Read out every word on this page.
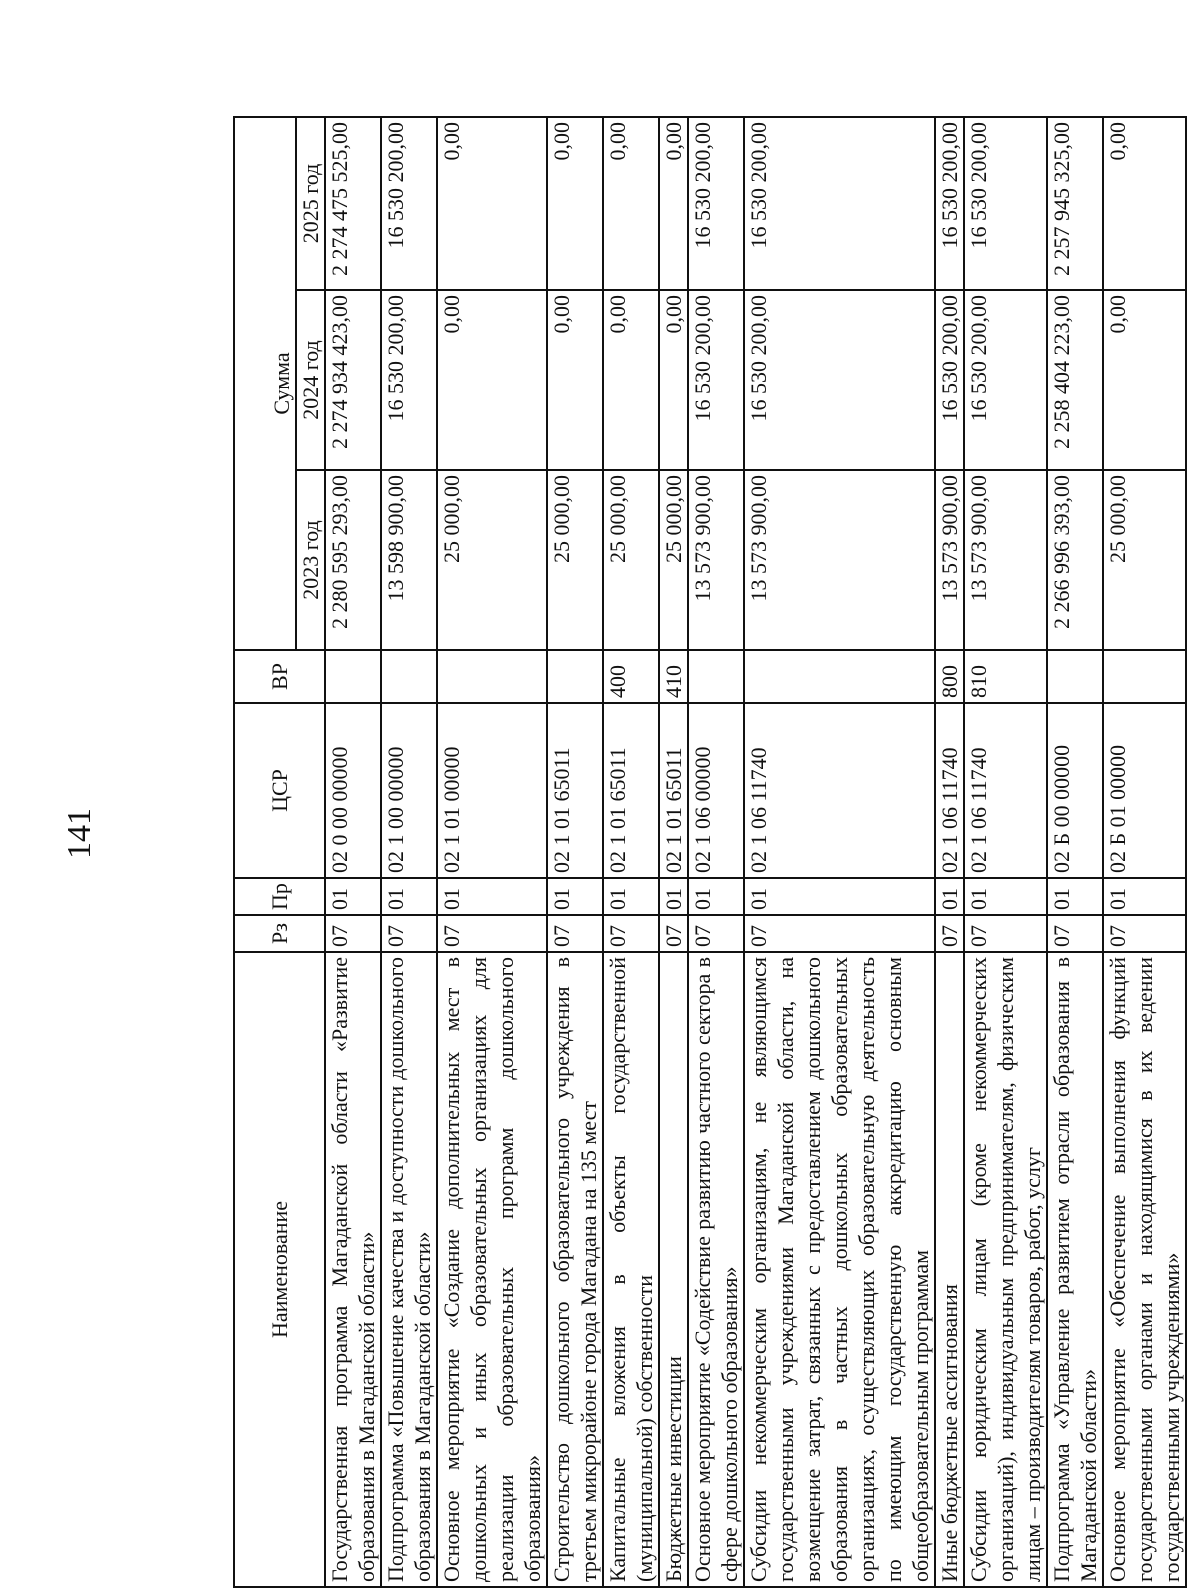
141
Наименование	Рз	Пр	ЦСР	ВР	Сумма		
					2023 год	2024 год	2025 год
Государственная программа Магаданской области «Развитие образования в Магаданской области»	07	01	02 0 00 00000		2 280 595 293,00	2 274 934 423,00	2 274 475 525,00
Подпрограмма «Повышение качества и доступности дошкольного образования в Магаданской области»	07	01	02 1 00 00000		13 598 900,00	16 530 200,00	16 530 200,00
Основное мероприятие «Создание дополнительных мест в дошкольных и иных образовательных организациях для реализации образовательных программ дошкольного образования»	07	01	02 1 01 00000		25 000,00	0,00	0,00
Строительство дошкольного образовательного учреждения в третьем микрорайоне города Магадана на 135 мест	07	01	02 1 01 65011		25 000,00	0,00	0,00
Капитальные вложения в объекты государственной (муниципальной) собственности	07	01	02 1 01 65011	400	25 000,00	0,00	0,00
Бюджетные инвестиции	07	01	02 1 01 65011	410	25 000,00	0,00	0,00
Основное мероприятие «Содействие развитию частного сектора в сфере дошкольного образования»	07	01	02 1 06 00000		13 573 900,00	16 530 200,00	16 530 200,00
Субсидии некоммерческим организациям, не являющимся государственными учреждениями Магаданской области, на возмещение затрат, связанных с предоставлением дошкольного образования в частных дошкольных образовательных организациях, осуществляющих образовательную деятельность по имеющим государственную аккредитацию основным общеобразовательным программам	07	01	02 1 06 11740		13 573 900,00	16 530 200,00	16 530 200,00
Иные бюджетные ассигнования	07	01	02 1 06 11740	800	13 573 900,00	16 530 200,00	16 530 200,00
Субсидии юридическим лицам (кроме некоммерческих организаций), индивидуальным предпринимателям, физическим лицам – производителям товаров, работ, услуг	07	01	02 1 06 11740	810	13 573 900,00	16 530 200,00	16 530 200,00
Подпрограмма «Управление развитием отрасли образования в Магаданской области»	07	01	02 Б 00 00000		2 266 996 393,00	2 258 404 223,00	2 257 945 325,00
Основное мероприятие «Обеспечение выполнения функций государственными органами и находящимися в их ведении государственными учреждениями»	07	01	02 Б 01 00000		25 000,00	0,00	0,00
